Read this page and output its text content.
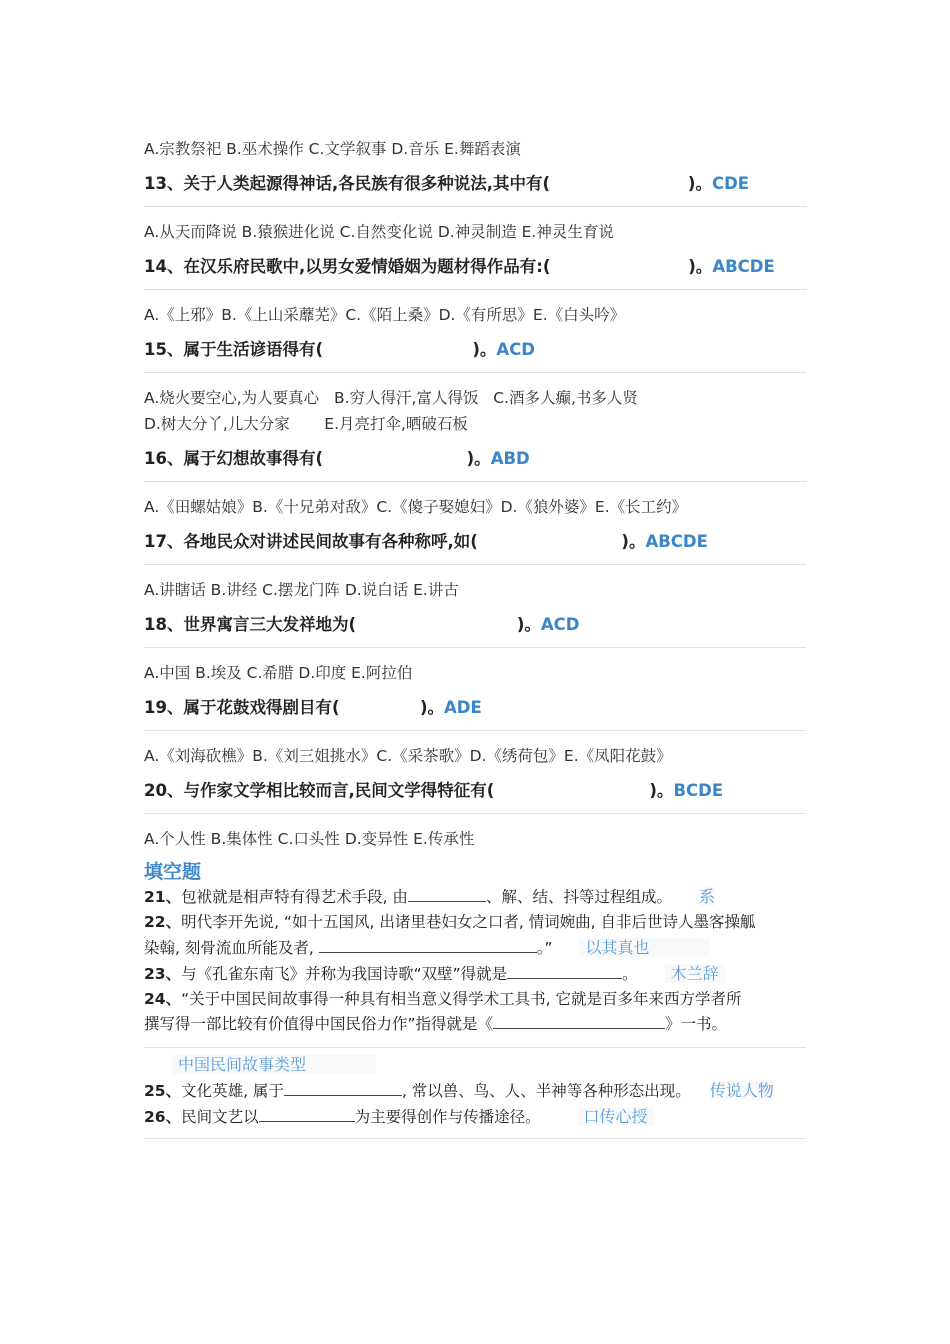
A.宗教祭祀 B.巫术操作 C.文学叙事 D.音乐 E.舞蹈表演
13、关于人类起源得神话,各民族有很多种说法,其中有(	)。CDE
A.从天而降说 B.猿猴进化说 C.自然变化说 D.神灵制造 E.神灵生育说
14、在汉乐府民歌中,以男女爱情婚姻为题材得作品有:(	)。ABCDE
A.《上邪》B.《上山采蘼芜》C.《陌上桑》D.《有所思》E.《白头吟》
15、属于生活谚语得有(	)。ACD
A.烧火要空心,为人要真心   B.穷人得汗,富人得饭   C.酒多人癫,书多人贤
D.树大分丫,儿大分家       E.月亮打伞,晒破石板
16、属于幻想故事得有(	)。ABD
A.《田螺姑娘》B.《十兄弟对敌》C.《傻子娶媳妇》D.《狼外婆》E.《长工约》
17、各地民众对讲述民间故事有各种称呼,如(	)。ABCDE
A.讲瞎话 B.讲经 C.摆龙门阵 D.说白话 E.讲古
18、世界寓言三大发祥地为(	)。ACD
A.中国 B.埃及 C.希腊 D.印度 E.阿拉伯
19、属于花鼓戏得剧目有(	)。ADE
A.《刘海砍樵》B.《刘三姐挑水》C.《采茶歌》D.《绣荷包》E.《凤阳花鼓》
20、与作家文学相比较而言,民间文学得特征有(	)。BCDE
A.个人性 B.集体性 C.口头性 D.变异性 E.传承性
填空题
21、包袱就是相声特有得艺术手段, 由	、解、结、抖等过程组成。 系
22、明代李开先说, “如十五国风, 出诸里巷妇女之口者, 情词婉曲, 自非后世诗人墨客操觚
染翰, 刻骨流血所能及者,	。” 以其真也
23、与《孔雀东南飞》并称为我国诗歌“双壁”得就是	。 木兰辞
24、“关于中国民间故事得一种具有相当意义得学术工具书, 它就是百多年来西方学者所
撰写得一部比较有价值得中国民俗力作”指得就是《	》一书。
中国民间故事类型
25、文化英雄, 属于	, 常以兽、鸟、人、半神等各种形态出现。 传说人物
26、民间文艺以	为主要得创作与传播途径。	口传心授
